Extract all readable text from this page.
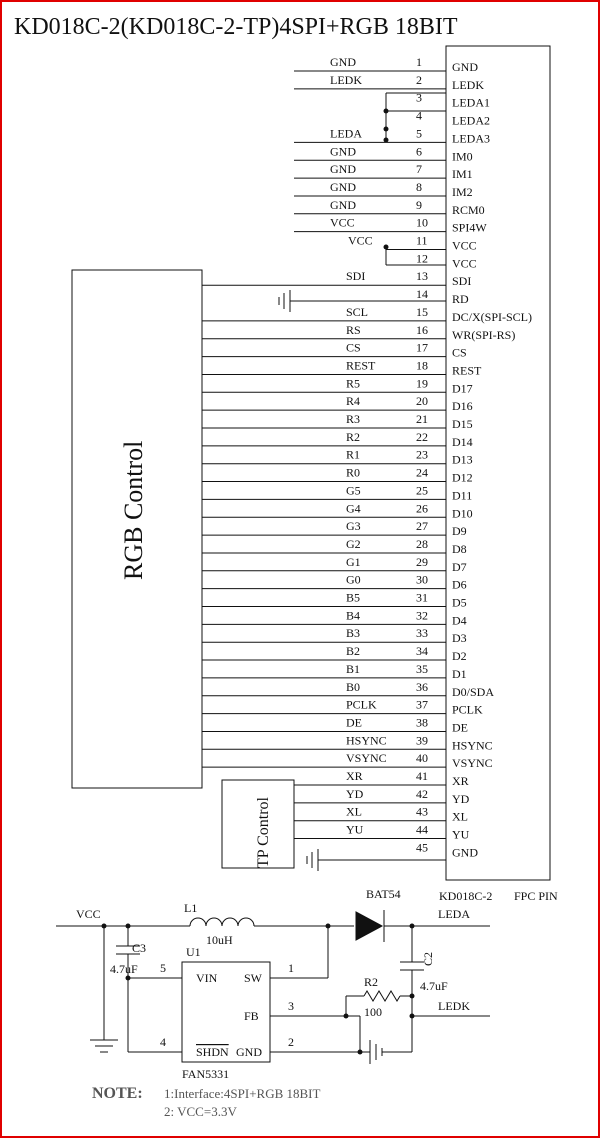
KD018C-2(KD018C-2-TP)4SPI+RGB 18BIT
KD018C-2 FPC PIN
RGB Control
TP Control
GND
1
GND
LEDK
2
LEDK
LEDA1
3
LEDA2
4
LEDA3
5
LEDA
IM0
6
GND
IM1
7
GND
IM2
8
GND
RCM0
9
GND
SPI4W
10
VCC
VCC
11
VCC
VCC
12
SDI
13
SDI
RD
14
DC/X(SPI-SCL)
15
SCL
WR(SPI-RS)
16
RS
CS
17
CS
REST
18
REST
D17
19
R5
D16
20
R4
D15
21
R3
D14
22
R2
D13
23
R1
D12
24
R0
D11
25
G5
D10
26
G4
D9
27
G3
D8
28
G2
D7
29
G1
D6
30
G0
D5
31
B5
D4
32
B4
D3
33
B3
D2
34
B2
D1
35
B1
D0/SDA
36
B0
PCLK
37
PCLK
DE
38
DE
HSYNC
39
HSYNC
VSYNC
40
VSYNC
XR
41
XR
YD
42
YD
XL
43
XL
YU
44
YU
GND
45
VCC	L1
10uH
BAT54
LEDA
C2
4.7uF
LEDK
R2
100
C3
4.7uF
U1
VIN SW
FB
SHDN GND
FAN5331
5	1
3
2
4
NOTE: 1:Interface:4SPI+RGB 18BIT
2: VCC=3.3V
